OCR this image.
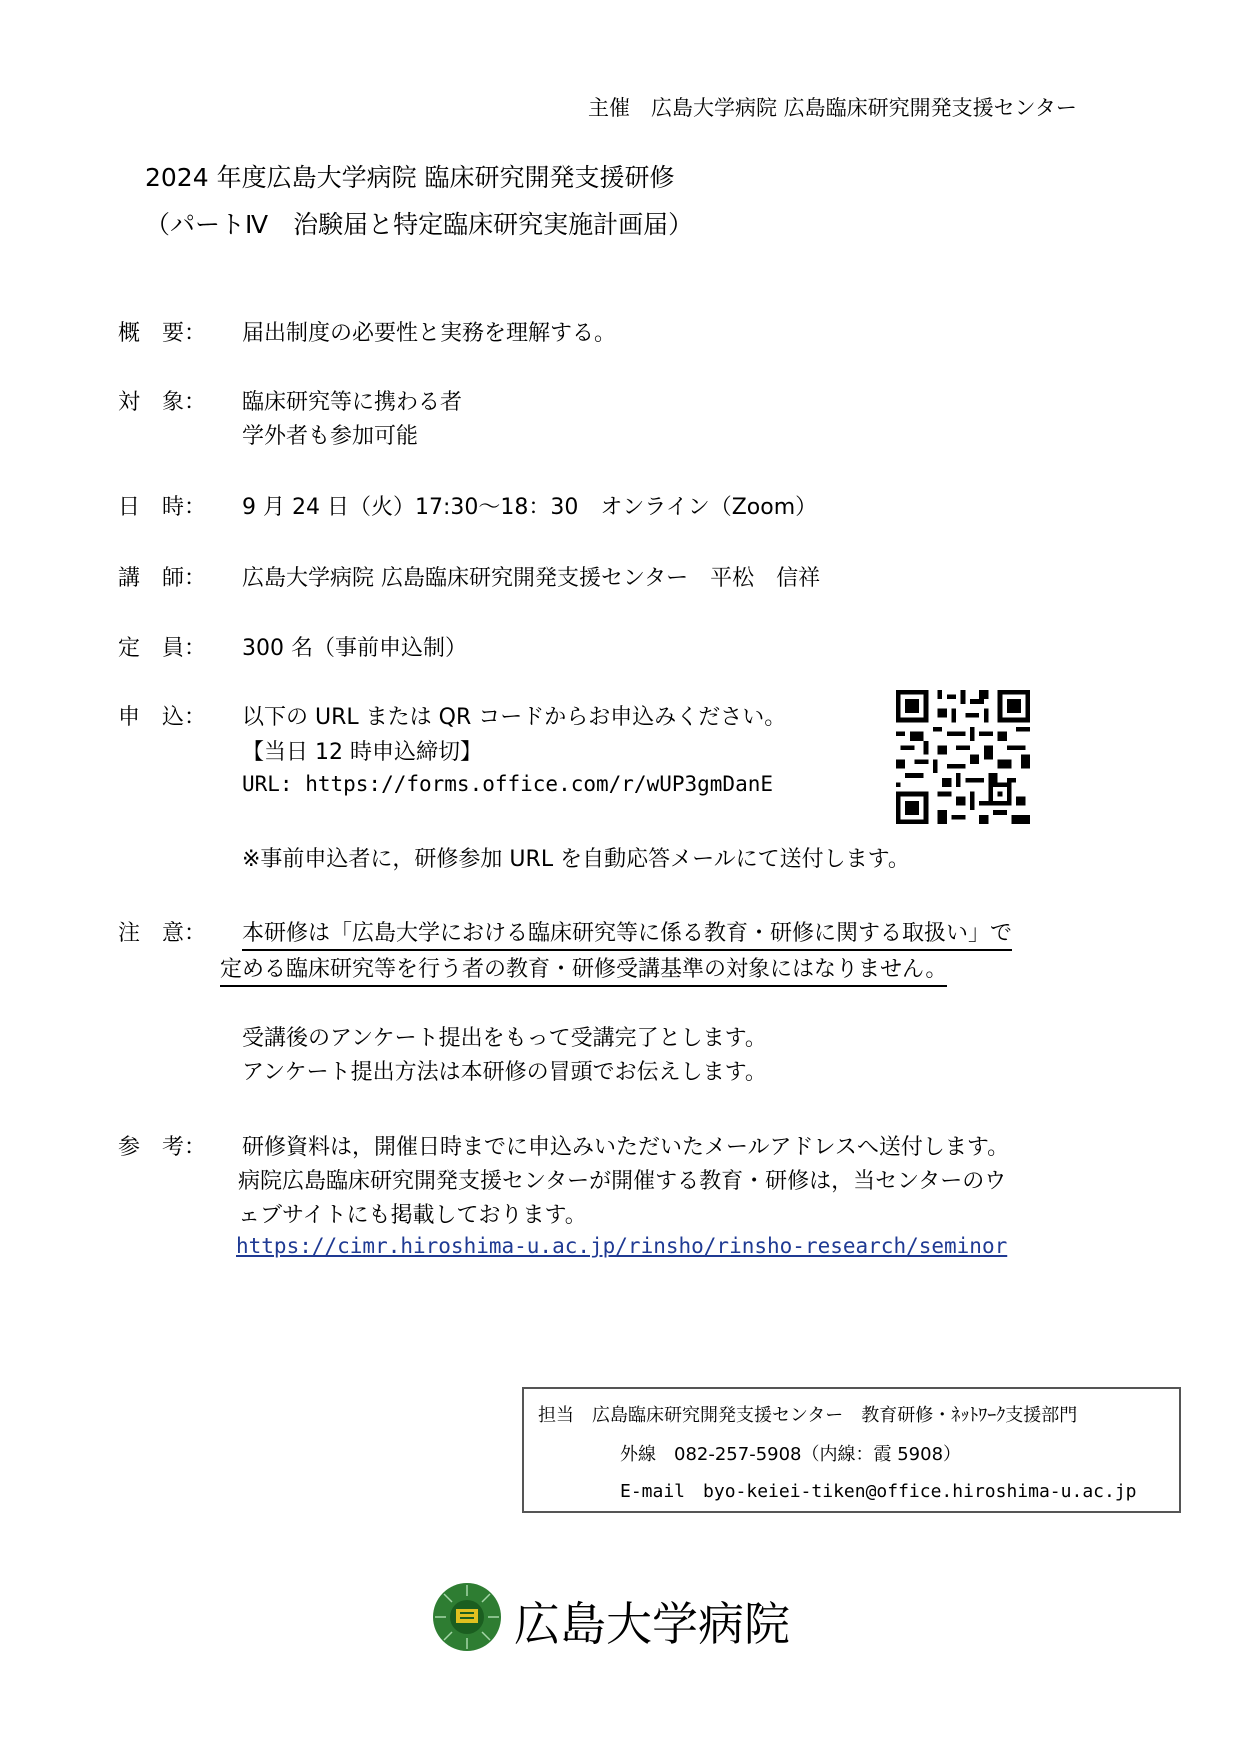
主催　広島大学病院 広島臨床研究開発支援センター
2024 年度広島大学病院 臨床研究開発支援研修
（パートⅣ　治験届と特定臨床研究実施計画届）
概　要： 届出制度の必要性と実務を理解する。
対　象： 臨床研究等に携わる者
学外者も参加可能
日　時： 9 月 24 日（火）17:30～18：30　オンライン（Zoom）
講　師： 広島大学病院 広島臨床研究開発支援センター　平松　信祥
定　員： 300 名（事前申込制）
申　込： 以下の URL または QR コードからお申込みください。
【当日 12 時申込締切】
URL: https://forms.office.com/r/wUP3gmDanE
※事前申込者に，研修参加 URL を自動応答メールにて送付します。
注　意： 本研修は「広島大学における臨床研究等に係る教育・研修に関する取扱い」で
定める臨床研究等を行う者の教育・研修受講基準の対象にはなりません。
受講後のアンケート提出をもって受講完了とします。
アンケート提出方法は本研修の冒頭でお伝えします。
参　考： 研修資料は，開催日時までに申込みいただいたメールアドレスへ送付します。
病院広島臨床研究開発支援センターが開催する教育・研修は，当センターのウ
ェブサイトにも掲載しております。
https://cimr.hiroshima-u.ac.jp/rinsho/rinsho-research/seminor
担当　広島臨床研究開発支援センター　教育研修・ﾈｯﾄﾜｰｸ支援部門
外線　082-257-5908（内線：霞 5908）
E-mail　byo-keiei-tiken@office.hiroshima-u.ac.jp
広島大学病院
